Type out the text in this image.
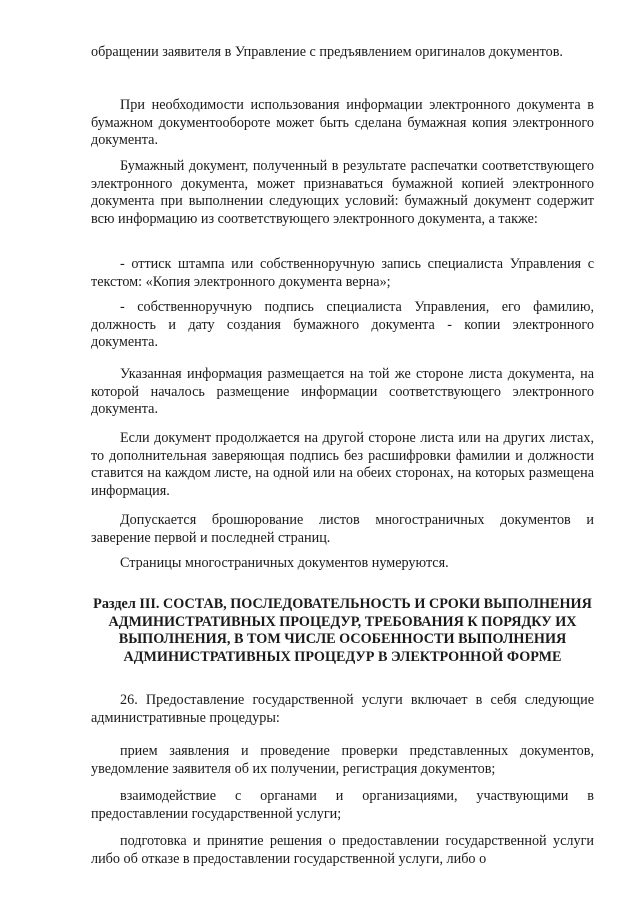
обращении заявителя в Управление с предъявлением оригиналов документов.

При необходимости использования информации электронного документа в бумажном документообороте может быть сделана бумажная копия электронного документа.

Бумажный документ, полученный в результате распечатки соответствующего электронного документа, может признаваться бумажной копией электронного документа при выполнении следующих условий: бумажный документ содержит всю информацию из соответствующего электронного документа, а также:

- оттиск штампа или собственноручную запись специалиста Управления с текстом: «Копия электронного документа верна»;

- собственноручную подпись специалиста Управления, его фамилию, должность и дату создания бумажного документа - копии электронного документа.

Указанная информация размещается на той же стороне листа документа, на которой началось размещение информации соответствующего электронного документа.

Если документ продолжается на другой стороне листа или на других листах, то дополнительная заверяющая подпись без расшифровки фамилии и должности ставится на каждом листе, на одной или на обеих сторонах, на которых размещена информация.

Допускается брошюрование листов многостраничных документов и заверение первой и последней страниц.

Страницы многостраничных документов нумеруются.

Раздел III. СОСТАВ, ПОСЛЕДОВАТЕЛЬНОСТЬ И СРОКИ ВЫПОЛНЕНИЯ АДМИНИСТРАТИВНЫХ ПРОЦЕДУР, ТРЕБОВАНИЯ К ПОРЯДКУ ИХ ВЫПОЛНЕНИЯ, В ТОМ ЧИСЛЕ ОСОБЕННОСТИ ВЫПОЛНЕНИЯ АДМИНИСТРАТИВНЫХ ПРОЦЕДУР В ЭЛЕКТРОННОЙ ФОРМЕ

26. Предоставление государственной услуги включает в себя следующие административные процедуры:

прием заявления и проведение проверки представленных документов, уведомление заявителя об их получении, регистрация документов;

взаимодействие с органами и организациями, участвующими в предоставлении государственной услуги;

подготовка и принятие решения о предоставлении государственной услуги либо об отказе в предоставлении государственной услуги, либо о
